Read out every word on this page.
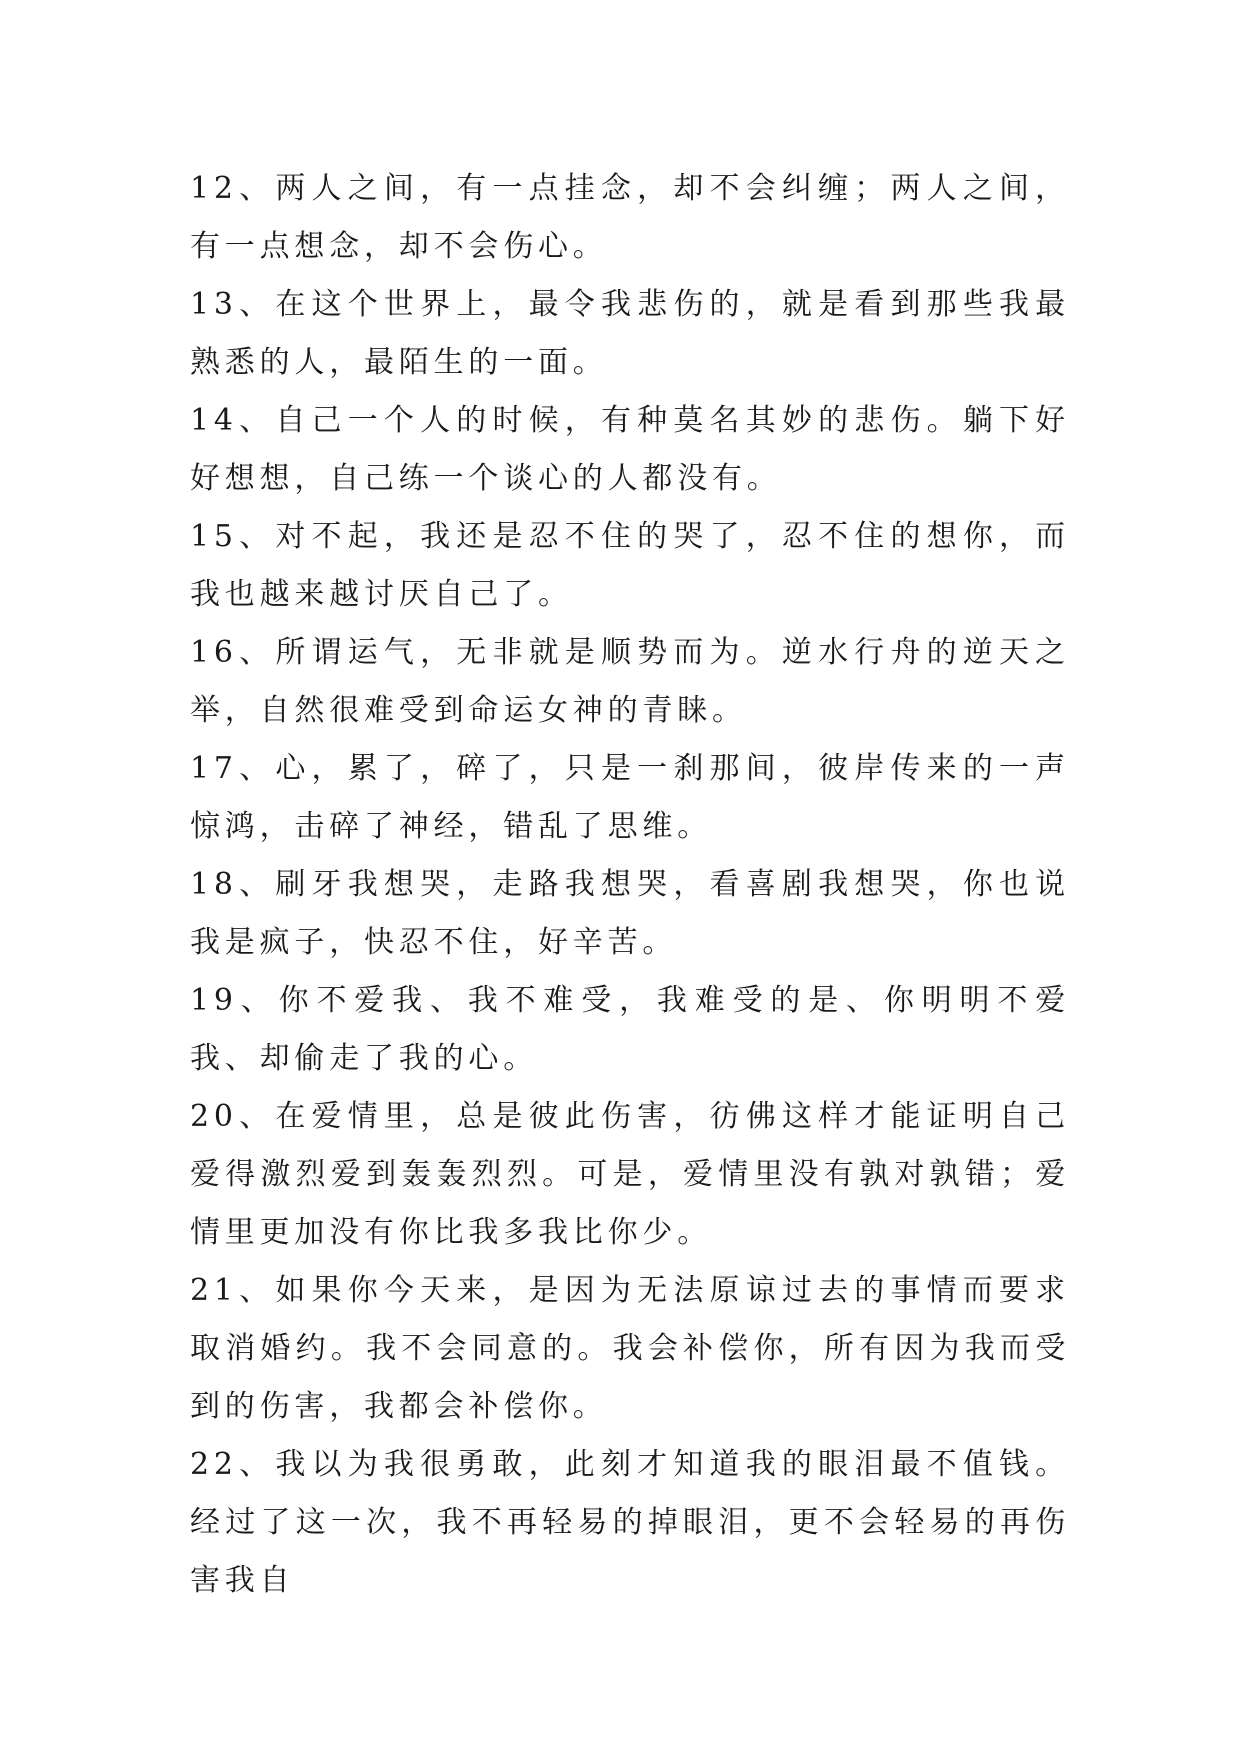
12、两人之间，有一点挂念，却不会纠缠；两人之间，有一点想念，却不会伤心。

13、在这个世界上，最令我悲伤的，就是看到那些我最熟悉的人，最陌生的一面。

14、自己一个人的时候，有种莫名其妙的悲伤。躺下好好想想，自己练一个谈心的人都没有。

15、对不起，我还是忍不住的哭了，忍不住的想你，而我也越来越讨厌自己了。

16、所谓运气，无非就是顺势而为。逆水行舟的逆天之举，自然很难受到命运女神的青睐。

17、心，累了，碎了，只是一刹那间，彼岸传来的一声惊鸿，击碎了神经，错乱了思维。

18、刷牙我想哭，走路我想哭，看喜剧我想哭，你也说我是疯子，快忍不住，好辛苦。

19、你不爱我、我不难受，我难受的是、你明明不爱我、却偷走了我的心。

20、在爱情里，总是彼此伤害，彷佛这样才能证明自己爱得激烈爱到轰轰烈烈。可是，爱情里没有孰对孰错；爱情里更加没有你比我多我比你少。

21、如果你今天来，是因为无法原谅过去的事情而要求取消婚约。我不会同意的。我会补偿你，所有因为我而受到的伤害，我都会补偿你。

22、我以为我很勇敢，此刻才知道我的眼泪最不值钱。经过了这一次，我不再轻易的掉眼泪，更不会轻易的再伤害我自
